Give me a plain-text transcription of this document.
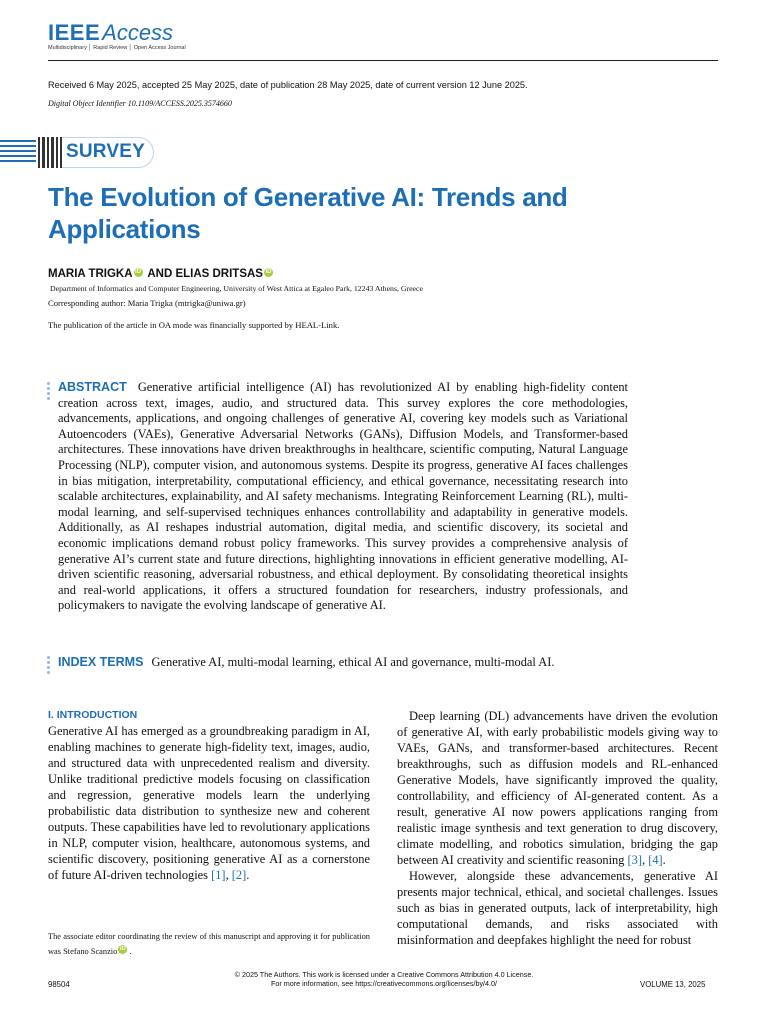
IEEEAccess
Multidisciplinary │ Rapid Review │ Open Access Journal
Received 6 May 2025, accepted 25 May 2025, date of publication 28 May 2025, date of current version 12 June 2025.
Digital Object Identifier 10.1109/ACCESS.2025.3574660
SURVEY
The Evolution of Generative AI: Trends and Applications
MARIA TRIGKA iD AND ELIAS DRITSAS iD
Department of Informatics and Computer Engineering, University of West Attica at Egaleo Park, 12243 Athens, Greece
Corresponding author: Maria Trigka (mtrigka@uniwa.gr)
The publication of the article in OA mode was financially supported by HEAL-Link.
ABSTRACT Generative artificial intelligence (AI) has revolutionized AI by enabling high-fidelity content creation across text, images, audio, and structured data. This survey explores the core methodologies, advancements, applications, and ongoing challenges of generative AI, covering key models such as Variational Autoencoders (VAEs), Generative Adversarial Networks (GANs), Diffusion Models, and Transformer-based architectures. These innovations have driven breakthroughs in healthcare, scientific computing, Natural Language Processing (NLP), computer vision, and autonomous systems. Despite its progress, generative AI faces challenges in bias mitigation, interpretability, computational efficiency, and ethical governance, necessitating research into scalable architectures, explainability, and AI safety mechanisms. Integrating Reinforcement Learning (RL), multi-modal learning, and self-supervised techniques enhances controllability and adaptability in generative models. Additionally, as AI reshapes industrial automation, digital media, and scientific discovery, its societal and economic implications demand robust policy frameworks. This survey provides a comprehensive analysis of generative AI’s current state and future directions, highlighting innovations in efficient generative modelling, AI-driven scientific reasoning, adversarial robustness, and ethical deployment. By consolidating theoretical insights and real-world applications, it offers a structured foundation for researchers, industry professionals, and policymakers to navigate the evolving landscape of generative AI.
INDEX TERMS Generative AI, multi-modal learning, ethical AI and governance, multi-modal AI.
I. INTRODUCTION

Generative AI has emerged as a groundbreaking paradigm in AI, enabling machines to generate high-fidelity text, images, audio, and structured data with unprecedented realism and diversity. Unlike traditional predictive models focusing on classification and regression, generative models learn the underlying probabilistic data distribution to synthesize new and coherent outputs. These capabilities have led to revolutionary applications in NLP, computer vision, healthcare, autonomous systems, and scientific discovery, positioning generative AI as a cornerstone of future AI-driven technologies [1], [2].

Deep learning (DL) advancements have driven the evolution of generative AI, with early probabilistic models giving way to VAEs, GANs, and transformer-based architectures. Recent breakthroughs, such as diffusion models and RL-enhanced Generative Models, have significantly improved the quality, controllability, and efficiency of AI-generated content. As a result, generative AI now powers applications ranging from realistic image synthesis and text generation to drug discovery, climate modelling, and robotics simulation, bridging the gap between AI creativity and scientific reasoning [3], [4].

However, alongside these advancements, generative AI presents major technical, ethical, and societal challenges. Issues such as bias in generated outputs, lack of interpretability, high computational demands, and risks associated with misinformation and deepfakes highlight the need for robust

The associate editor coordinating the review of this manuscript and approving it for publication was Stefano Scanzio iD .
© 2025 The Authors. This work is licensed under a Creative Commons Attribution 4.0 License.
For more information, see https://creativecommons.org/licenses/by/4.0/
98504	VOLUME 13, 2025
